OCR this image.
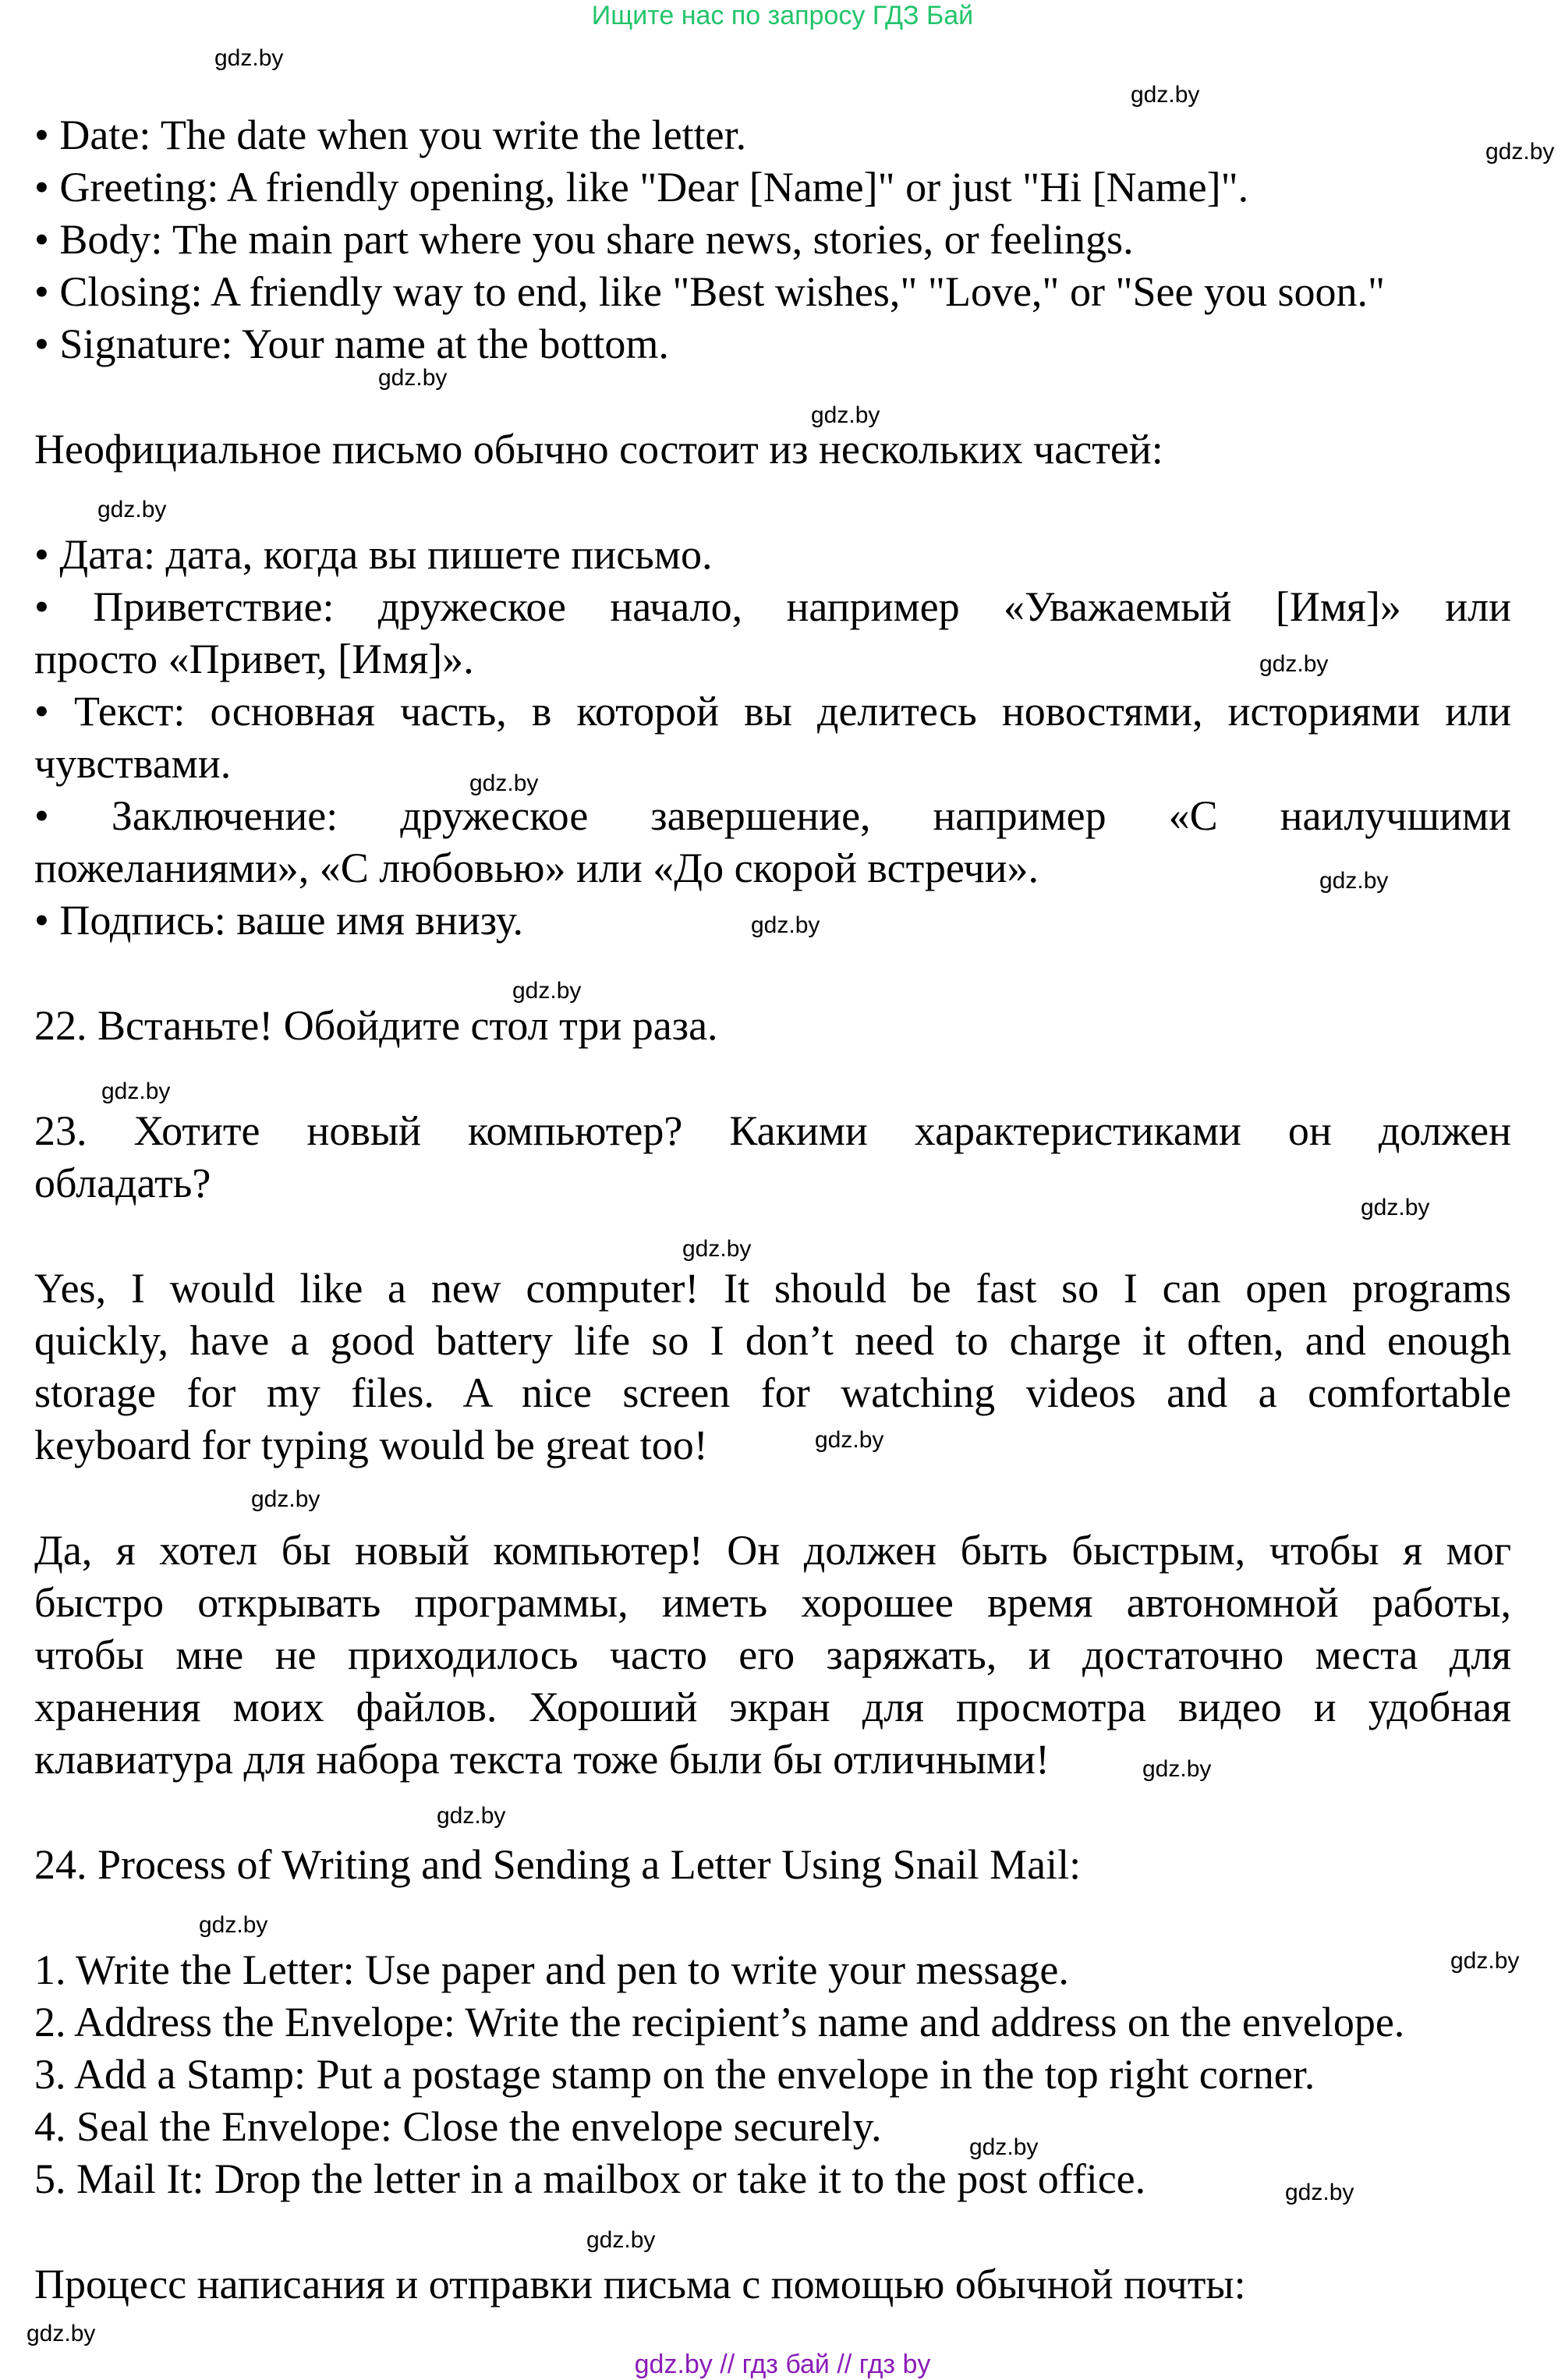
Ищите нас по запросу ГДЗ Бай
• Date: The date when you write the letter.
• Greeting: A friendly opening, like "Dear [Name]" or just "Hi [Name]".
• Body: The main part where you share news, stories, or feelings.
• Closing: A friendly way to end, like "Best wishes," "Love," or "See you soon."
• Signature: Your name at the bottom.
Неофициальное письмо обычно состоит из нескольких частей:
• Дата: дата, когда вы пишете письмо.
• Приветствие: дружеское начало, например «Уважаемый [Имя]» или
просто «Привет, [Имя]».
• Текст: основная часть, в которой вы делитесь новостями, историями или
чувствами.
• Заключение: дружеское завершение, например «С наилучшими
пожеланиями», «С любовью» или «До скорой встречи».
• Подпись: ваше имя внизу.
22. Встаньте! Обойдите стол три раза.
23. Хотите новый компьютер? Какими характеристиками он должен
обладать?
Yes, I would like a new computer! It should be fast so I can open programs
quickly, have a good battery life so I don’t need to charge it often, and enough
storage for my files. A nice screen for watching videos and a comfortable
keyboard for typing would be great too!
Да, я хотел бы новый компьютер! Он должен быть быстрым, чтобы я мог
быстро открывать программы, иметь хорошее время автономной работы,
чтобы мне не приходилось часто его заряжать, и достаточно места для
хранения моих файлов. Хороший экран для просмотра видео и удобная
клавиатура для набора текста тоже были бы отличными!
24. Process of Writing and Sending a Letter Using Snail Mail:
1. Write the Letter: Use paper and pen to write your message.
2. Address the Envelope: Write the recipient’s name and address on the envelope.
3. Add a Stamp: Put a postage stamp on the envelope in the top right corner.
4. Seal the Envelope: Close the envelope securely.
5. Mail It: Drop the letter in a mailbox or take it to the post office.
Процесс написания и отправки письма с помощью обычной почты:
gdz.by
gdz.by
gdz.by
gdz.by
gdz.by
gdz.by
gdz.by
gdz.by
gdz.by
gdz.by
gdz.by
gdz.by
gdz.by
gdz.by
gdz.by
gdz.by
gdz.by
gdz.by
gdz.by
gdz.by
gdz.by
gdz.by
gdz.by
gdz.by
gdz.by // гдз бай // гдз by
